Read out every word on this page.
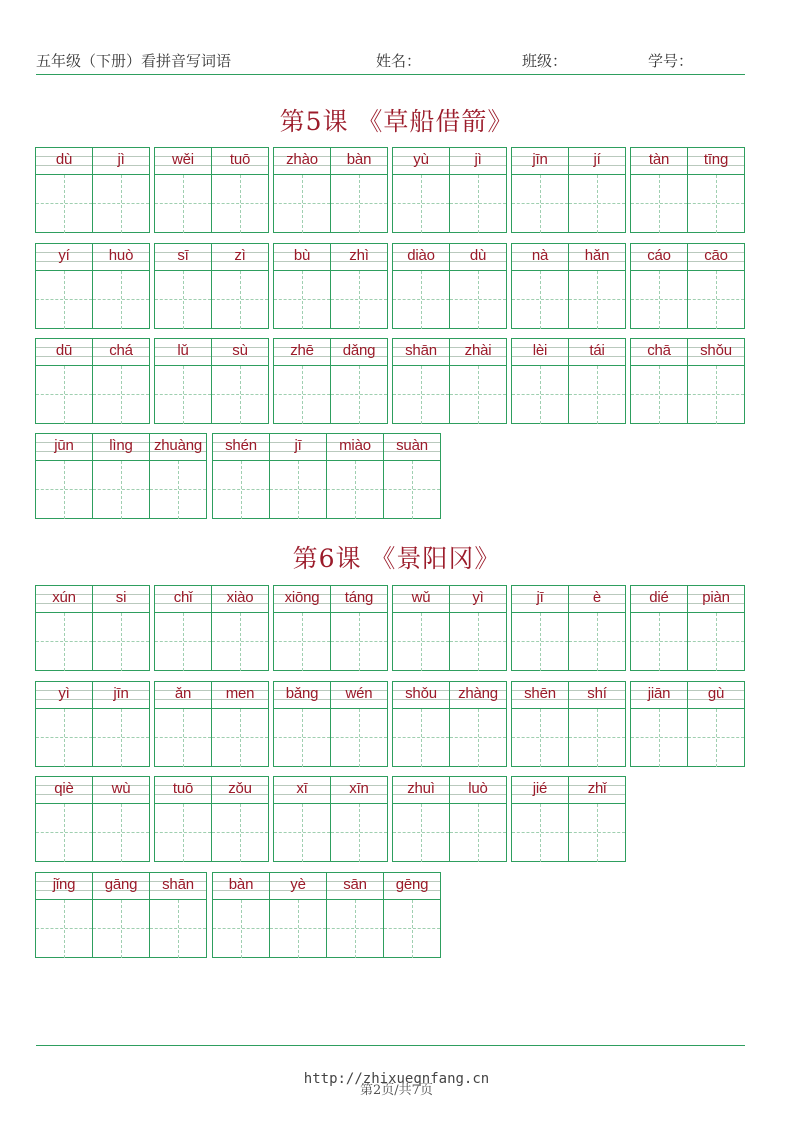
五年级（下册）看拼音写词语	姓名：	班级：	学号：
第5课 《草船借箭》
第6课 《景阳冈》
dù	jì	wěi	tuō	zhào	bàn	yù	jì	jīn	jí	tàn	tīng
yí	huò	sī	zì	bù	zhì	diào	dù	nà	hǎn	cáo	cāo
dū	chá	lǔ	sù	zhē	dǎng	shān	zhài	lèi	tái	chā	shǒu
jūn	lìng	zhuàng	shén	jī	miào	suàn
xún	si	chǐ	xiào	xiōng	táng	wǔ	yì	jī	è	dié	piàn
yì	jīn	ǎn	men	bǎng	wén	shǒu	zhàng	shēn	shí	jiān	gù
qiè	wù	tuō	zǒu	xī	xīn	zhuì	luò	jié	zhǐ
jǐng	gāng	shān	bàn	yè	sān	gēng
http://zhixueqnfang.cn
第2页/共7页
